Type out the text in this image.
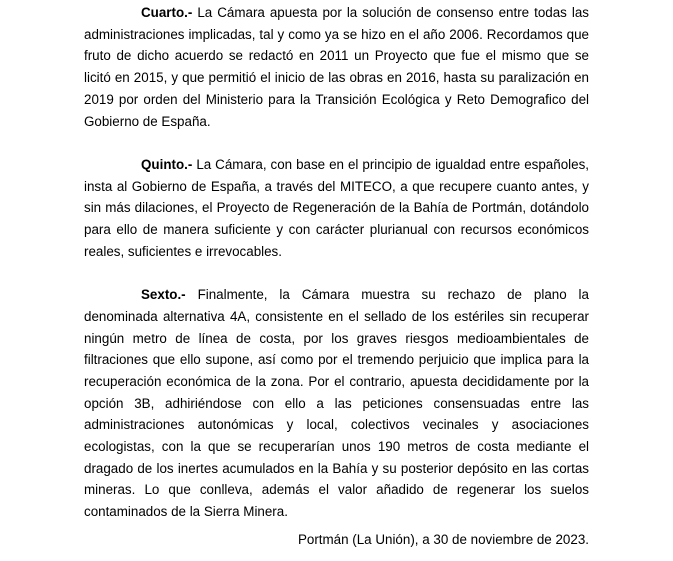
Cuarto.- La Cámara apuesta por la solución de consenso entre todas las administraciones implicadas, tal y como ya se hizo en el año 2006. Recordamos que fruto de dicho acuerdo se redactó en 2011 un Proyecto que fue el mismo que se licitó en 2015, y que permitió el inicio de las obras en 2016, hasta su paralización en 2019 por orden del Ministerio para la Transición Ecológica y Reto Demografico del Gobierno de España.

Quinto.- La Cámara, con base en el principio de igualdad entre españoles, insta al Gobierno de España, a través del MITECO, a que recupere cuanto antes, y sin más dilaciones, el Proyecto de Regeneración de la Bahía de Portmán, dotándolo para ello de manera suficiente y con carácter plurianual con recursos económicos reales, suficientes e irrevocables.

Sexto.- Finalmente, la Cámara muestra su rechazo de plano la denominada alternativa 4A, consistente en el sellado de los estériles sin recuperar ningún metro de línea de costa, por los graves riesgos medioambientales de filtraciones que ello supone, así como por el tremendo perjuicio que implica para la recuperación económica de la zona. Por el contrario, apuesta decididamente por la opción 3B, adhiriéndose con ello a las peticiones consensuadas entre las administraciones autonómicas y local, colectivos vecinales y asociaciones ecologistas, con la que se recuperarían unos 190 metros de costa mediante el dragado de los inertes acumulados en la Bahía y su posterior depósito en las cortas mineras. Lo que conlleva, además el valor añadido de regenerar los suelos contaminados de la Sierra Minera.

Portmán (La Unión), a 30 de noviembre de 2023.
